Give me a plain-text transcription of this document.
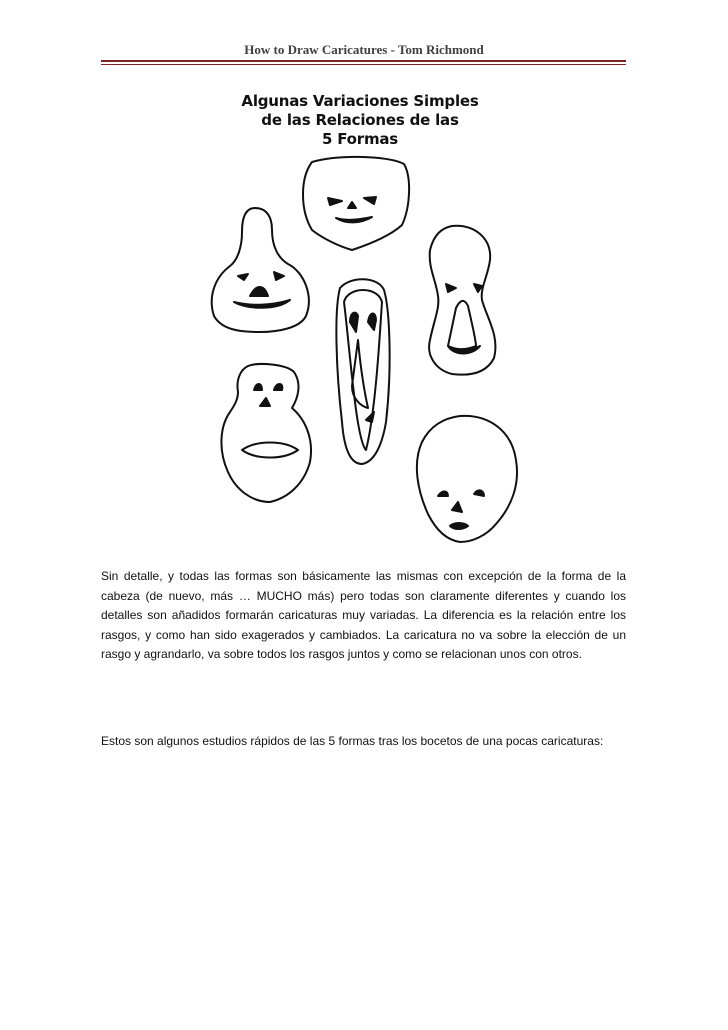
How to Draw Caricatures - Tom Richmond
Algunas Variaciones Simples
de las Relaciones de las
5 Formas
Sin detalle, y todas las formas son básicamente las mismas con excepción de la forma de la cabeza (de nuevo, más … MUCHO más) pero todas son claramente diferentes y cuando los detalles son añadidos formarán caricaturas muy variadas. La diferencia es la relación entre los rasgos, y como han sido exagerados y cambiados. La caricatura no va sobre la elección de un rasgo y agrandarlo, va sobre todos los rasgos juntos y como se relacionan unos con otros.
Estos son algunos estudios rápidos de las 5 formas tras los bocetos de una pocas caricaturas:
